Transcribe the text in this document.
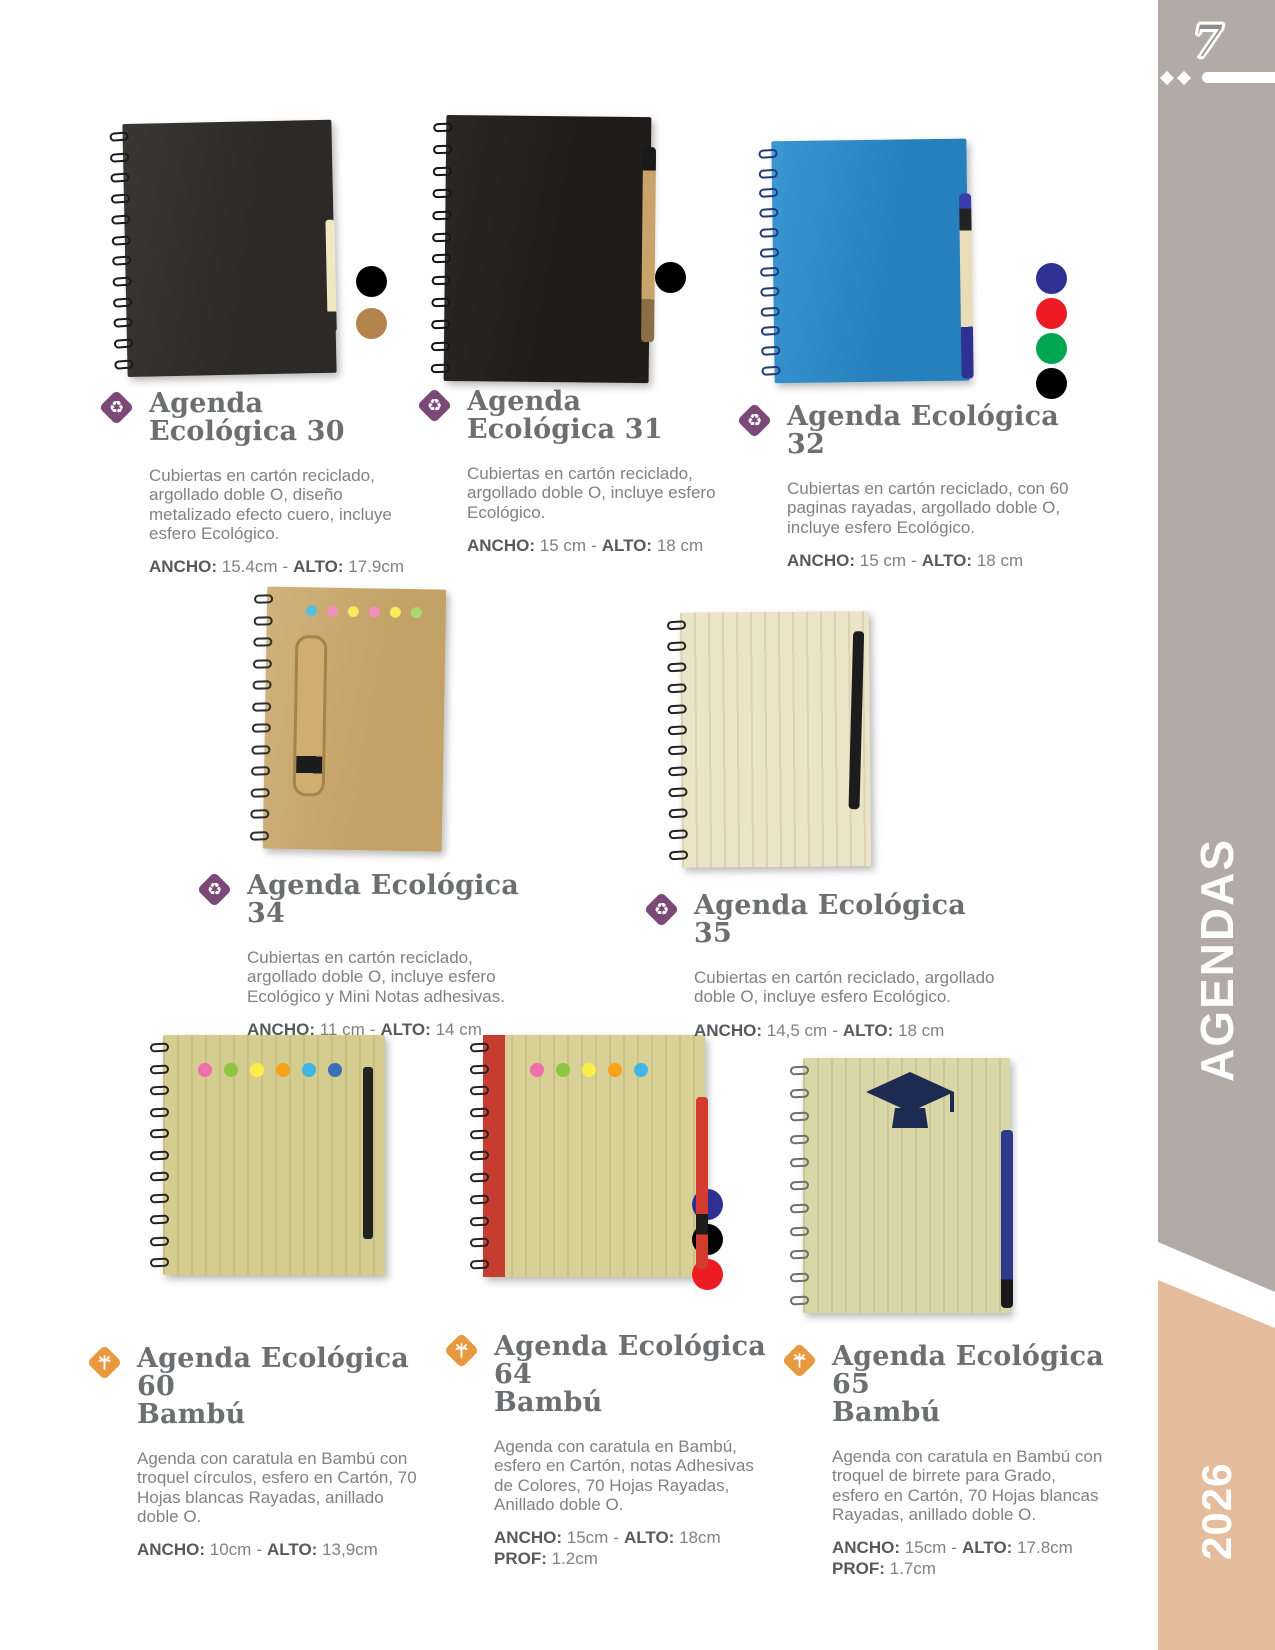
7
AGENDAS
2026
♻ Agenda Ecológica 30

Cubiertas en cartón reciclado, argollado doble O, diseño metalizado efecto cuero, incluye esfero Ecológico.

ANCHO: 15.4cm - ALTO: 17.9cm

♻ Agenda Ecológica 31

Cubiertas en cartón reciclado, argollado doble O, incluye esfero Ecológico.

ANCHO: 15 cm - ALTO: 18 cm

♻ Agenda Ecológica 32

Cubiertas en cartón reciclado, con 60 paginas rayadas, argollado doble O, incluye esfero Ecológico.

ANCHO: 15 cm - ALTO: 18 cm

♻ Agenda Ecológica 34

Cubiertas en cartón reciclado, argollado doble O, incluye esfero Ecológico y Mini Notas adhesivas.

ANCHO: 11 cm - ALTO: 14 cm

♻ Agenda Ecológica 35

Cubiertas en cartón reciclado, argollado doble O, incluye esfero Ecológico.

ANCHO: 14,5 cm - ALTO: 18 cm

Agenda Ecológica 60
Bambú

Agenda con caratula en Bambú con troquel círculos, esfero en Cartón, 70 Hojas blancas Rayadas, anillado doble O.

ANCHO: 10cm - ALTO: 13,9cm

Agenda Ecológica 64
Bambú

Agenda con caratula en Bambú, esfero en Cartón, notas Adhesivas de Colores, 70 Hojas Rayadas, Anillado doble O.

ANCHO: 15cm - ALTO: 18cm
PROF: 1.2cm

Agenda Ecológica 65
Bambú

Agenda con caratula en Bambú con troquel de birrete para Grado, esfero en Cartón, 70 Hojas blancas Rayadas, anillado doble O.

ANCHO: 15cm - ALTO: 17.8cm
PROF: 1.7cm
